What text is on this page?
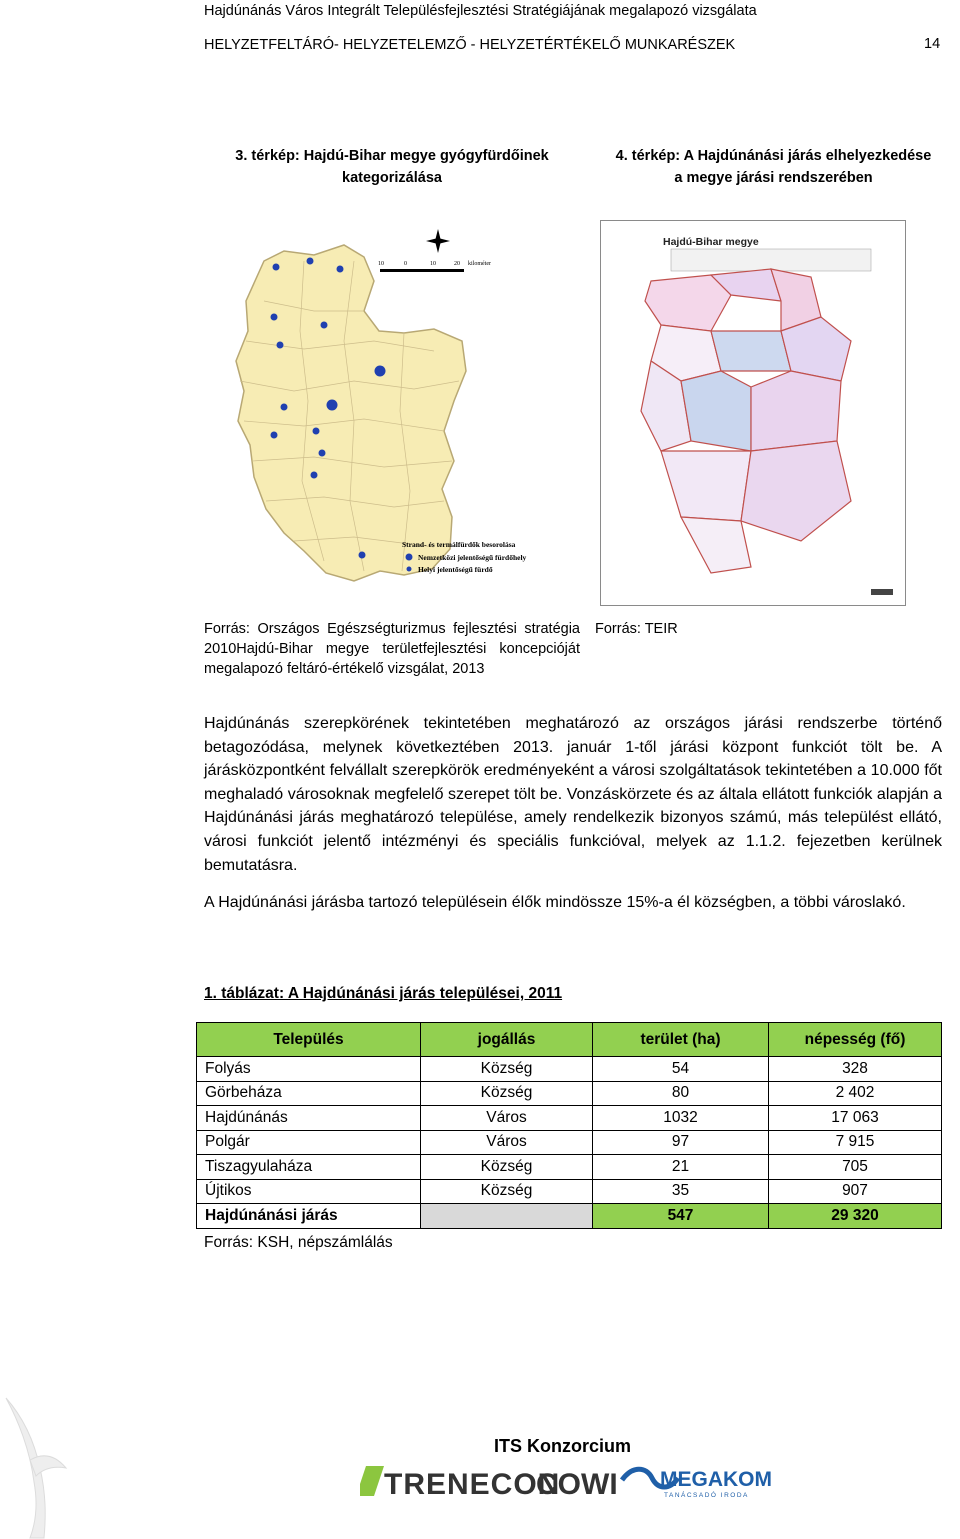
Hajdúnánás Város Integrált Településfejlesztési Stratégiájának megalapozó vizsgálata
HELYZETFELTÁRÓ- HELYZETELEMZŐ - HELYZETÉRTÉKELŐ MUNKARÉSZEK	14
3. térkép: Hajdú-Bihar megye gyógyfürdőinek
kategorizálása
4. térkép: A Hajdúnánási járás elhelyezkedése
a megye járási rendszerében
10	0	10	20 kilométer
Strand- és termálfürdők besorolása
Nemzetközi jelentőségű fürdőhely
Helyi jelentőségű fürdő
Hajdú-Bihar megye
Forrás: Országos Egészségturizmus fejlesztési stratégia 2010Hajdú-Bihar megye területfejlesztési koncepcióját megalapozó feltáró-értékelő vizsgálat, 2013
Forrás: TEIR
Hajdúnánás szerepkörének tekintetében meghatározó az országos járási rendszerbe történő betagozódása, melynek következtében 2013. január 1-től járási központ funkciót tölt be. A járásközpontként felvállalt szerepkörök eredményeként a városi szolgáltatások tekintetében a 10.000 főt meghaladó városoknak megfelelő szerepet tölt be. Vonzáskörzete és az általa ellátott funkciók alapján a Hajdúnánási járás meghatározó települése, amely rendelkezik bizonyos számú, más települést ellátó, városi funkciót jelentő intézményi és speciális funkcióval, melyek az 1.1.2. fejezetben kerülnek bemutatásra.
A Hajdúnánási járásba tartozó településein élők mindössze 15%-a él községben, a többi városlakó.
1. táblázat: A Hajdúnánási járás települései, 2011
Település	jogállás	terület (ha)	népesség (fő)
Folyás	Község	54	328
Görbeháza	Község	80	2 402
Hajdúnánás	Város	1032	17 063
Polgár	Város	97	7 915
Tiszagyulaháza	Község	21	705
Újtikos	Község	35	907
Hajdúnánási járás		547	29 320
Forrás: KSH, népszámlálás
ITS Konzorcium
TRENECON
COWI MEGAKOM
TANÁCSADÓ IRODA
